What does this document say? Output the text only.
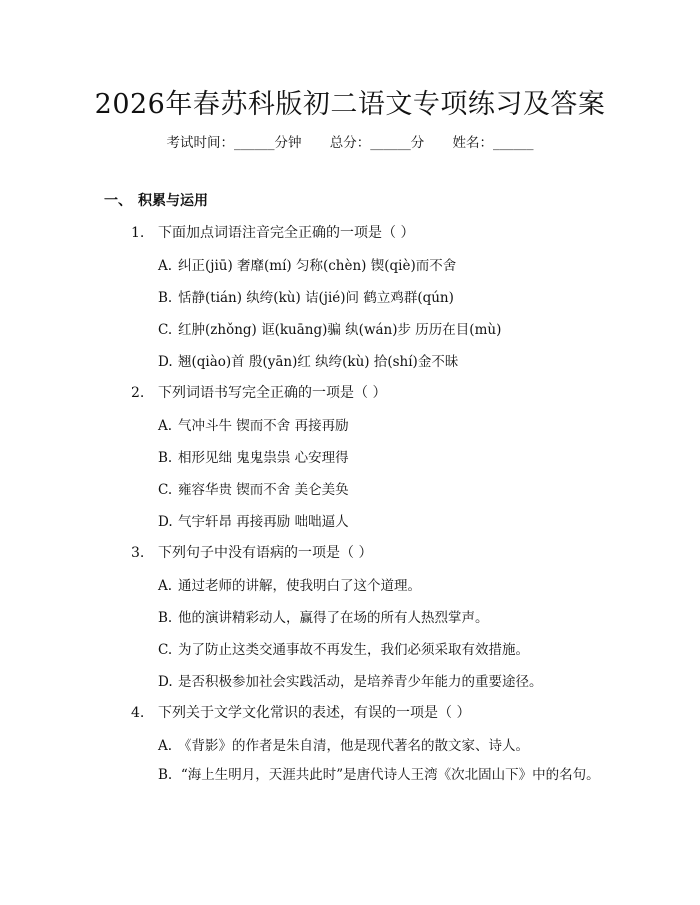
2026年春苏科版初二语文专项练习及答案
考试时间：______分钟 总分：______分 姓名：______
一、 积累与运用
1. 下面加点词语注音完全正确的一项是（ ）
A. 纠正(jiū) 奢靡(mí) 匀称(chèn) 锲(qiè)而不舍
B. 恬静(tián) 纨绔(kù) 诘(jié)问 鹤立鸡群(qún)
C. 红肿(zhǒng) 诓(kuāng)骗 纨(wán)步 历历在目(mù)
D. 翘(qiào)首 殷(yān)红 纨绔(kù) 拾(shí)金不昧
2. 下列词语书写完全正确的一项是（ ）
A. 气冲斗牛 锲而不舍 再接再励
B. 相形见绌 鬼鬼祟祟 心安理得
C. 雍容华贵 锲而不舍 美仑美奂
D. 气宇轩昂 再接再励 咄咄逼人
3. 下列句子中没有语病的一项是（ ）
A. 通过老师的讲解，使我明白了这个道理。
B. 他的演讲精彩动人，赢得了在场的所有人热烈掌声。
C. 为了防止这类交通事故不再发生，我们必须采取有效措施。
D. 是否积极参加社会实践活动，是培养青少年能力的重要途径。
4. 下列关于文学文化常识的表述，有误的一项是（ ）
A. 《背影》的作者是朱自清，他是现代著名的散文家、诗人。
B. “海上生明月，天涯共此时”是唐代诗人王湾《次北固山下》中的名句。
